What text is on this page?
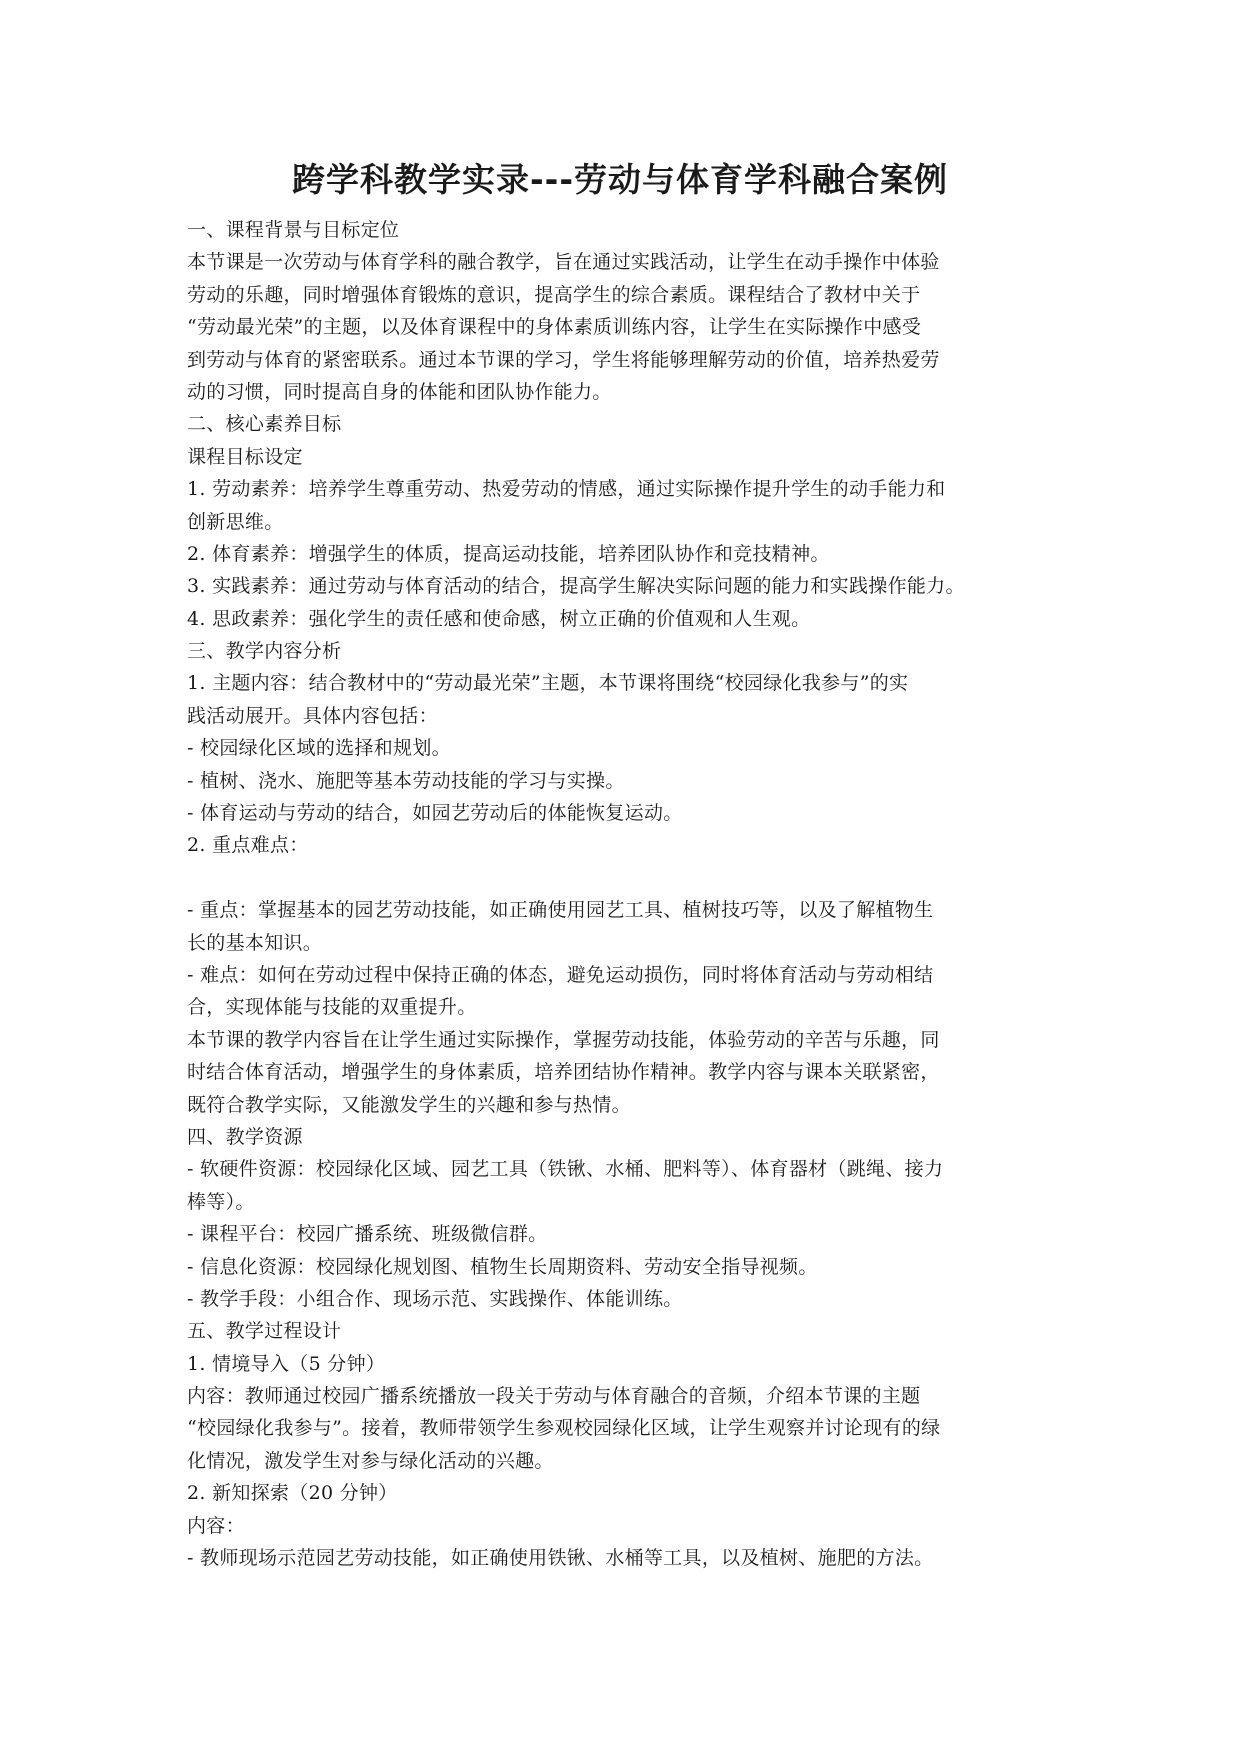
跨学科教学实录---劳动与体育学科融合案例
一、课程背景与目标定位
本节课是一次劳动与体育学科的融合教学，旨在通过实践活动，让学生在动手操作中体验
劳动的乐趣，同时增强体育锻炼的意识，提高学生的综合素质。课程结合了教材中关于
“劳动最光荣”的主题，以及体育课程中的身体素质训练内容，让学生在实际操作中感受
到劳动与体育的紧密联系。通过本节课的学习，学生将能够理解劳动的价值，培养热爱劳
动的习惯，同时提高自身的体能和团队协作能力。
二、核心素养目标
课程目标设定
1. 劳动素养：培养学生尊重劳动、热爱劳动的情感，通过实际操作提升学生的动手能力和
创新思维。
2. 体育素养：增强学生的体质，提高运动技能，培养团队协作和竞技精神。
3. 实践素养：通过劳动与体育活动的结合，提高学生解决实际问题的能力和实践操作能力。
4. 思政素养：强化学生的责任感和使命感，树立正确的价值观和人生观。
三、教学内容分析
1. 主题内容：结合教材中的“劳动最光荣”主题，本节课将围绕“校园绿化我参与”的实
践活动展开。具体内容包括：
- 校园绿化区域的选择和规划。
- 植树、浇水、施肥等基本劳动技能的学习与实操。
- 体育运动与劳动的结合，如园艺劳动后的体能恢复运动。
2. 重点难点：
- 重点：掌握基本的园艺劳动技能，如正确使用园艺工具、植树技巧等，以及了解植物生
长的基本知识。
- 难点：如何在劳动过程中保持正确的体态，避免运动损伤，同时将体育活动与劳动相结
合，实现体能与技能的双重提升。
本节课的教学内容旨在让学生通过实际操作，掌握劳动技能，体验劳动的辛苦与乐趣，同
时结合体育活动，增强学生的身体素质，培养团结协作精神。教学内容与课本关联紧密，
既符合教学实际，又能激发学生的兴趣和参与热情。
四、教学资源
- 软硬件资源：校园绿化区域、园艺工具（铁锹、水桶、肥料等）、体育器材（跳绳、接力
棒等）。
- 课程平台：校园广播系统、班级微信群。
- 信息化资源：校园绿化规划图、植物生长周期资料、劳动安全指导视频。
- 教学手段：小组合作、现场示范、实践操作、体能训练。
五、教学过程设计
1. 情境导入（5 分钟）
内容：教师通过校园广播系统播放一段关于劳动与体育融合的音频，介绍本节课的主题
“校园绿化我参与”。接着，教师带领学生参观校园绿化区域，让学生观察并讨论现有的绿
化情况，激发学生对参与绿化活动的兴趣。
2. 新知探索（20 分钟）
内容：
- 教师现场示范园艺劳动技能，如正确使用铁锹、水桶等工具，以及植树、施肥的方法。
